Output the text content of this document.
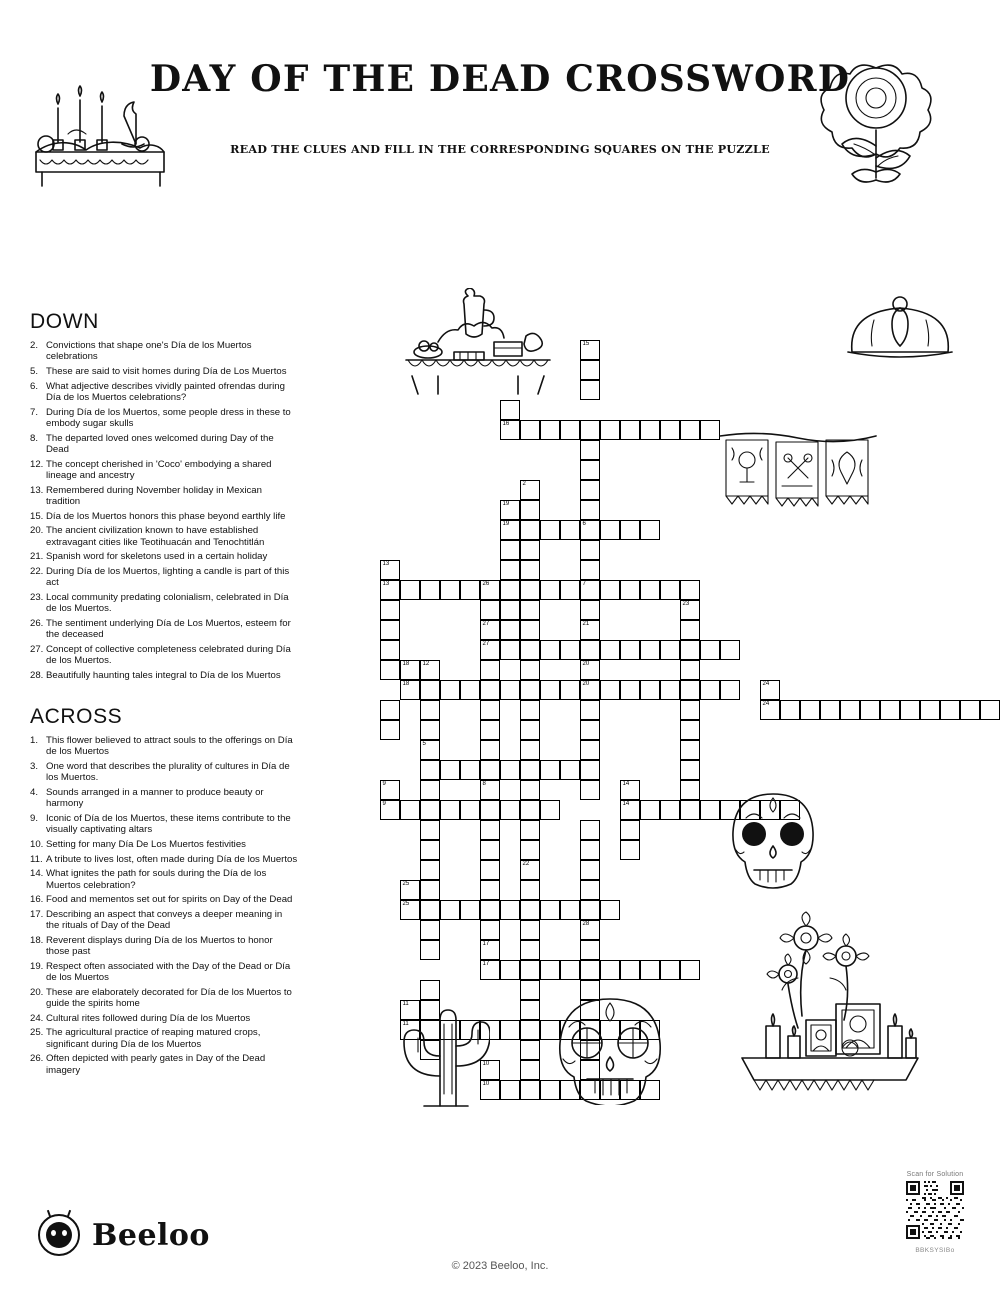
DAY OF THE DEAD CROSSWORD
READ THE CLUES AND FILL IN THE CORRESPONDING SQUARES ON THE PUZZLE
DOWN
2. Convictions that shape one's Día de los Muertos celebrations
5. These are said to visit homes during Día de Los Muertos
6. What adjective describes vividly painted ofrendas during Día de los Muertos celebrations?
7. During Día de los Muertos, some people dress in these to embody sugar skulls
8. The departed loved ones welcomed during Day of the Dead
12. The concept cherished in 'Coco' embodying a shared lineage and ancestry
13. Remembered during November holiday in Mexican tradition
15. Día de los Muertos honors this phase beyond earthly life
20. The ancient civilization known to have established extravagant cities like Teotihuacán and Tenochtitlán
21. Spanish word for skeletons used in a certain holiday
22. During Día de los Muertos, lighting a candle is part of this act
23. Local community predating colonialism, celebrated in Día de los Muertos.
26. The sentiment underlying Día de Los Muertos, esteem for the deceased
27. Concept of collective completeness celebrated during Día de los Muertos.
28. Beautifully haunting tales integral to Día de los Muertos
ACROSS
1. This flower believed to attract souls to the offerings on Día de los Muertos
3. One word that describes the plurality of cultures in Día de los Muertos.
4. Sounds arranged in a manner to produce beauty or harmony
9. Iconic of Día de los Muertos, these items contribute to the visually captivating altars
10. Setting for many Día De Los Muertos festivities
11. A tribute to lives lost, often made during Día de los Muertos
14. What ignites the path for souls during the Día de los Muertos celebration?
16. Food and mementos set out for spirits on Day of the Dead
17. Describing an aspect that conveys a deeper meaning in the rituals of Day of the Dead
18. Reverent displays during Día de los Muertos to honor those past
19. Respect often associated with the Day of the Dead or Día de los Muertos
20. These are elaborately decorated for Día de los Muertos to guide the spirits home
24. Cultural rites followed during Día de los Muertos
25. The agricultural practice of reaping matured crops, significant during Día de los Muertos
26. Often depicted with pearly gates in Day of the Dead imagery
15
16
2
19
19	6
13
13	26	7
23
27	21
27
18 12	20
18	20	24
24
5
9	8	14
9	14
22
25
25
28
17
17
11
11
10
10
Beeloo
© 2023 Beeloo, Inc.
Scan for Solution
BBKSYSIBo
